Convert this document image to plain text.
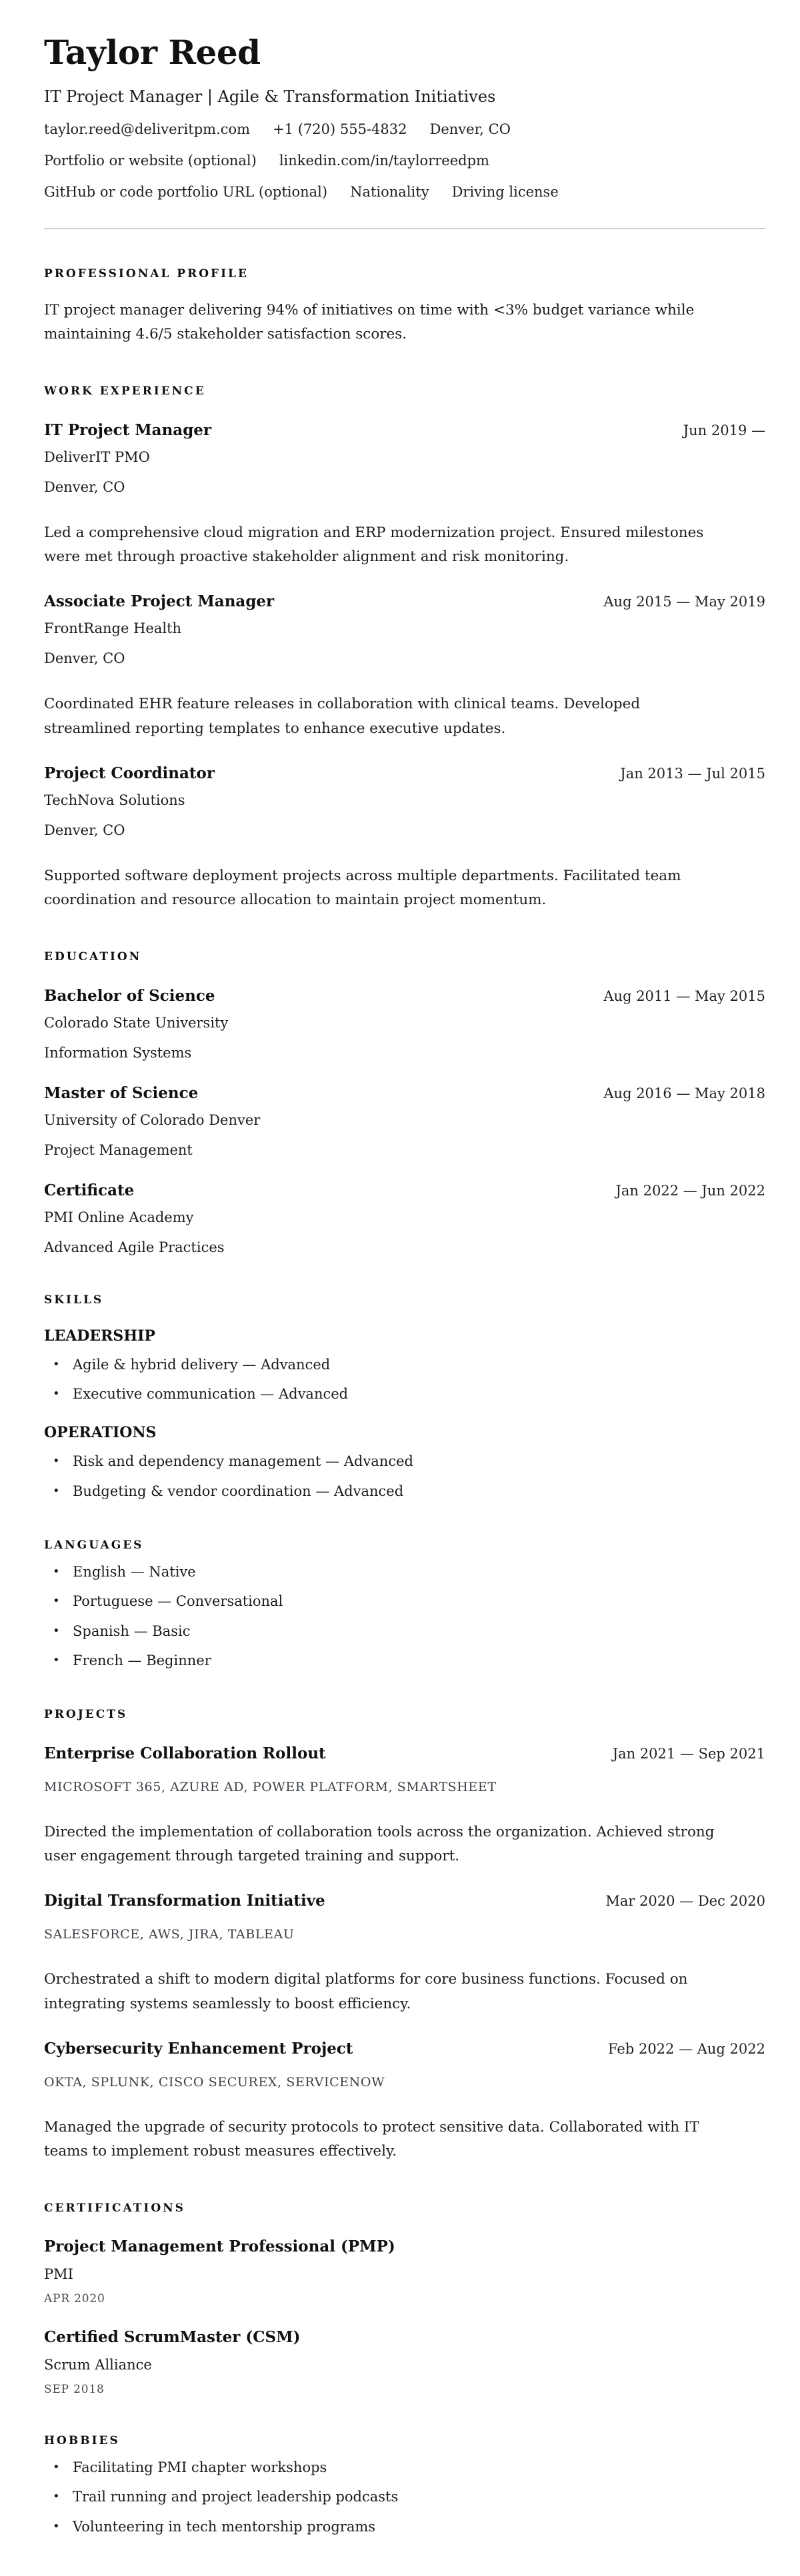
Taylor Reed
IT Project Manager | Agile & Transformation Initiatives
taylor.reed@deliveritpm.com +1 (720) 555-4832 Denver, CO
Portfolio or website (optional) linkedin.com/in/taylorreedpm
GitHub or code portfolio URL (optional) Nationality Driving license
PROFESSIONAL PROFILE

IT project manager delivering 94% of initiatives on time with <3% budget variance while maintaining 4.6/5 stakeholder satisfaction scores.

WORK EXPERIENCE
IT Project Manager	Jun 2019 —
DeliverIT PMO
Denver, CO

Led a comprehensive cloud migration and ERP modernization project. Ensured milestones were met through proactive stakeholder alignment and risk monitoring.

Associate Project Manager	Aug 2015 — May 2019
FrontRange Health
Denver, CO

Coordinated EHR feature releases in collaboration with clinical teams. Developed streamlined reporting templates to enhance executive updates.

Project Coordinator	Jan 2013 — Jul 2015
TechNova Solutions
Denver, CO

Supported software deployment projects across multiple departments. Facilitated team coordination and resource allocation to maintain project momentum.

EDUCATION
Bachelor of Science	Aug 2011 — May 2015
Colorado State University
Information Systems
Master of Science	Aug 2016 — May 2018
University of Colorado Denver
Project Management
Certificate	Jan 2022 — Jun 2022
PMI Online Academy
Advanced Agile Practices
SKILLS
LEADERSHIP
• Agile & hybrid delivery — Advanced
• Executive communication — Advanced
OPERATIONS
• Risk and dependency management — Advanced
• Budgeting & vendor coordination — Advanced
LANGUAGES
• English — Native
• Portuguese — Conversational
• Spanish — Basic
• French — Beginner
PROJECTS
Enterprise Collaboration Rollout	Jan 2021 — Sep 2021
MICROSOFT 365, AZURE AD, POWER PLATFORM, SMARTSHEET

Directed the implementation of collaboration tools across the organization. Achieved strong user engagement through targeted training and support.

Digital Transformation Initiative	Mar 2020 — Dec 2020
SALESFORCE, AWS, JIRA, TABLEAU

Orchestrated a shift to modern digital platforms for core business functions. Focused on integrating systems seamlessly to boost efficiency.

Cybersecurity Enhancement Project	Feb 2022 — Aug 2022
OKTA, SPLUNK, CISCO SECUREX, SERVICENOW

Managed the upgrade of security protocols to protect sensitive data. Collaborated with IT teams to implement robust measures effectively.

CERTIFICATIONS
Project Management Professional (PMP)
PMI
APR 2020
Certified ScrumMaster (CSM)
Scrum Alliance
SEP 2018
HOBBIES
• Facilitating PMI chapter workshops
• Trail running and project leadership podcasts
• Volunteering in tech mentorship programs
